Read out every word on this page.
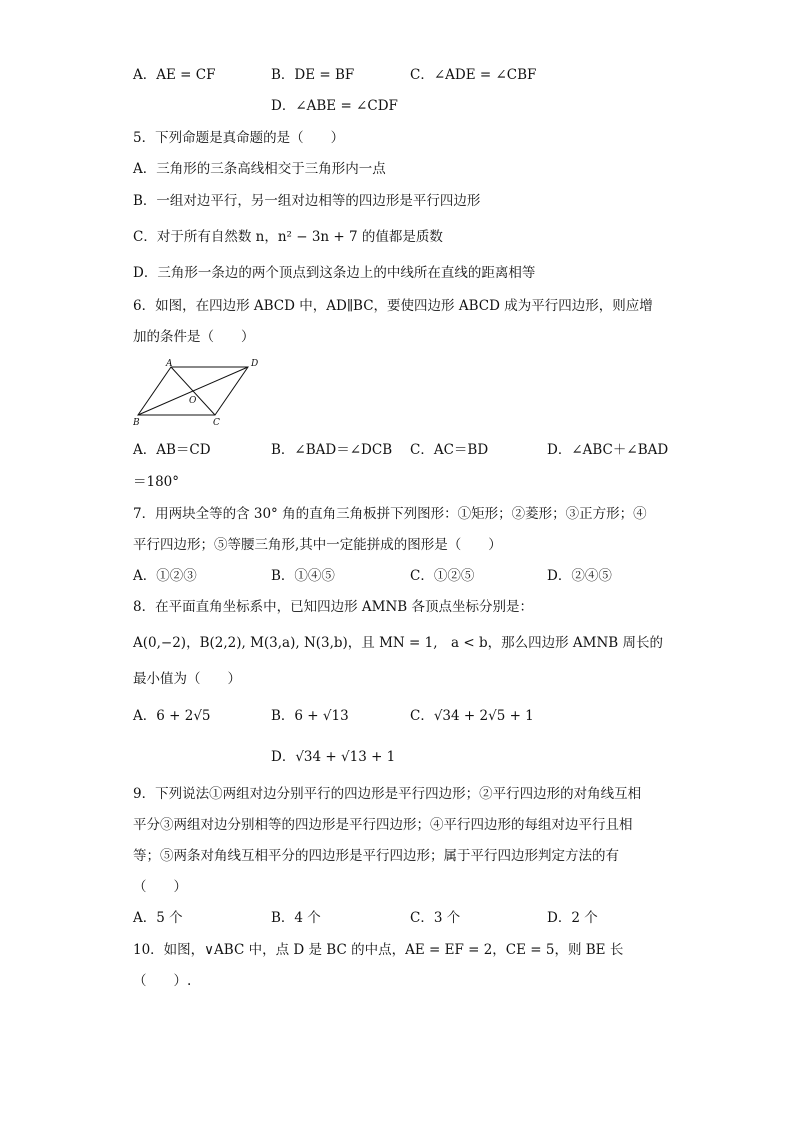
A．AE = CF	B．DE = BF	C．∠ADE = ∠CBF
D．∠ABE = ∠CDF
5．下列命题是真命题的是（　　）
A．三角形的三条高线相交于三角形内一点
B．一组对边平行，另一组对边相等的四边形是平行四边形
C．对于所有自然数 n，n² − 3n + 7 的值都是质数
D．三角形一条边的两个顶点到这条边上的中线所在直线的距离相等
6．如图，在四边形 ABCD 中，AD∥BC，要使四边形 ABCD 成为平行四边形，则应增
加的条件是（　　）
A	D
B	C
O
A．AB＝CD	B．∠BAD＝∠DCB C．AC＝BD	D．∠ABC＋∠BAD
＝180°
7．用两块全等的含 30° 角的直角三角板拼下列图形：①矩形；②菱形；③正方形；④
平行四边形；⑤等腰三角形,其中一定能拼成的图形是（　　）
A．①②③	B．①④⑤	C．①②⑤	D．②④⑤
8．在平面直角坐标系中，已知四边形 AMNB 各顶点坐标分别是：
A(0,−2)，B(2,2), M(3,a), N(3,b)，且 MN = 1,　a < b，那么四边形 AMNB 周长的
最小值为（　　）
A．6 + 2√5	B．6 + √13	C．√34 + 2√5 + 1
D．√34 + √13 + 1
9．下列说法①两组对边分别平行的四边形是平行四边形；②平行四边形的对角线互相
平分③两组对边分别相等的四边形是平行四边形；④平行四边形的每组对边平行且相
等；⑤两条对角线互相平分的四边形是平行四边形；属于平行四边形判定方法的有
（　　）
A．5 个	B．4 个	C．3 个	D．2 个
10．如图，∨ABC 中，点 D 是 BC 的中点，AE = EF = 2，CE = 5，则 BE 长
（　　）.
